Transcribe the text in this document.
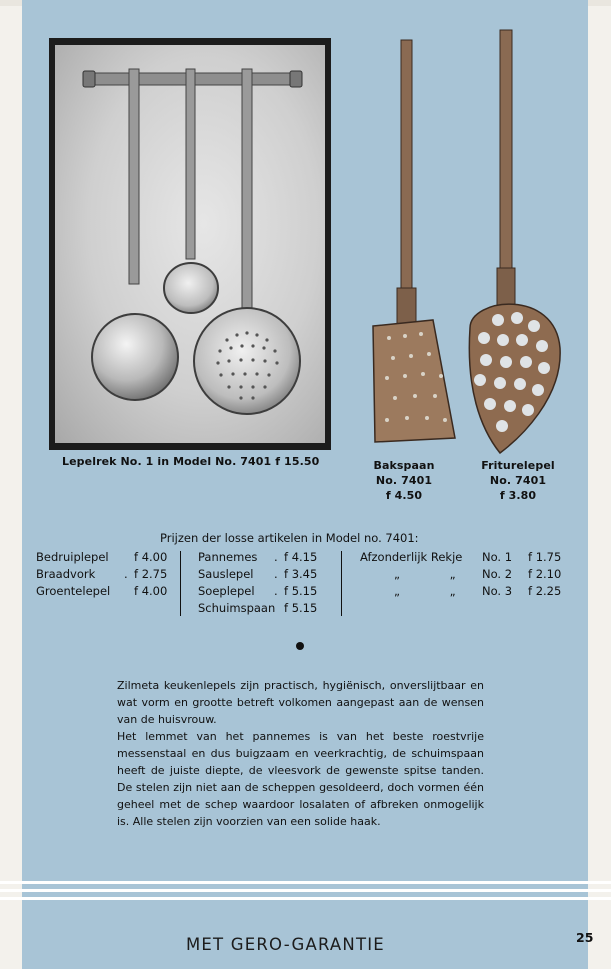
Lepelrek No. 1 in Model No. 7401 f 15.50	Bakspaan
No. 7401
f 4.50
Friturelepel
No. 7401
f 3.80
Prijzen der losse artikelen in Model no. 7401:
Bedruiplepel f 4.00
Braadvork	. f 2.75
Groentelepel f 4.00
Pannemes . f 4.15
Sauslepel . f 3.45
Soeplepel . f 5.15
Schuimspaan f 5.15
Afzonderlijk Rekje No. 1 f 1.75
„ „ No. 2 f 2.10
„ „ No. 3 f 2.25

Zilmeta keukenlepels zijn practisch, hygiënisch, onverslijtbaar en wat vorm en grootte betreft volkomen aangepast aan de wensen van de huisvrouw.

Het lemmet van het pannemes is van het beste roestvrije messenstaal en dus buigzaam en veerkrachtig, de schuimspaan heeft de juiste diepte, de vleesvork de gewenste spitse tanden. De stelen zijn niet aan de scheppen gesoldeerd, doch vormen één geheel met de schep waardoor losalaten of afbreken onmogelijk is. Alle stelen zijn voorzien van een solide haak.

MET GERO-GARANTIE	25
